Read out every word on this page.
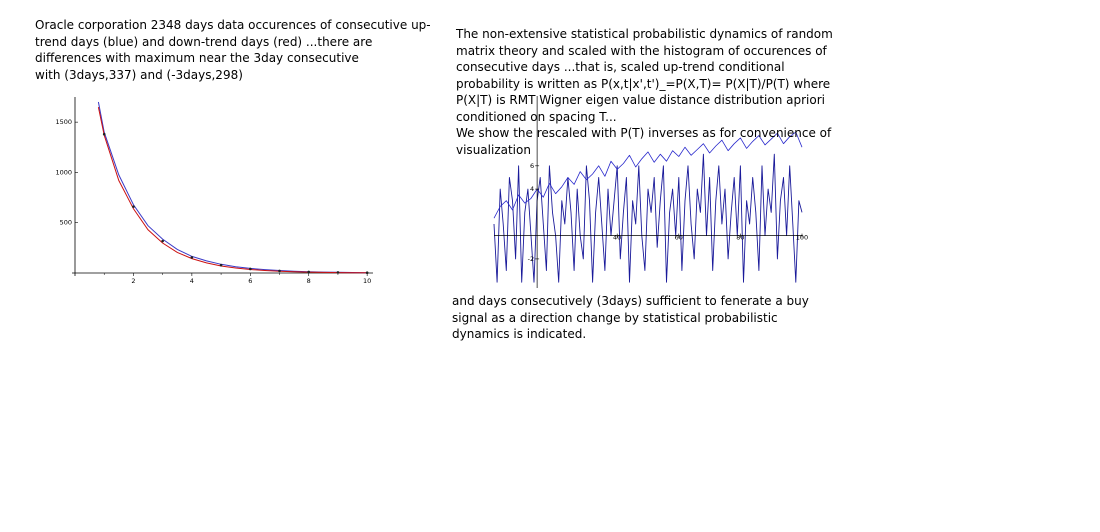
Oracle corporation 2348 days data occurences of consecutive up-
trend days (blue) and down-trend days (red) ...there are
differences with maximum near the 3day consecutive
with (3days,337) and (-3days,298)
2	4	6	8	10
500
1000
1500
40	60	80	100
-2
4
6
The non-extensive statistical probabilistic dynamics of random
matrix theory and scaled with the histogram of occurences of
consecutive days ...that is, scaled up-trend conditional
probability is written as P(x,t|x',t')_=P(X,T)= P(X|T)/P(T) where
P(X|T) is RMT Wigner eigen value distance distribution apriori
conditioned on spacing T...
We show the rescaled with P(T) inverses as for convenience of
visualization
and days consecutively (3days) sufficient to fenerate a buy
signal as a direction change by statistical probabilistic
dynamics is indicated.
